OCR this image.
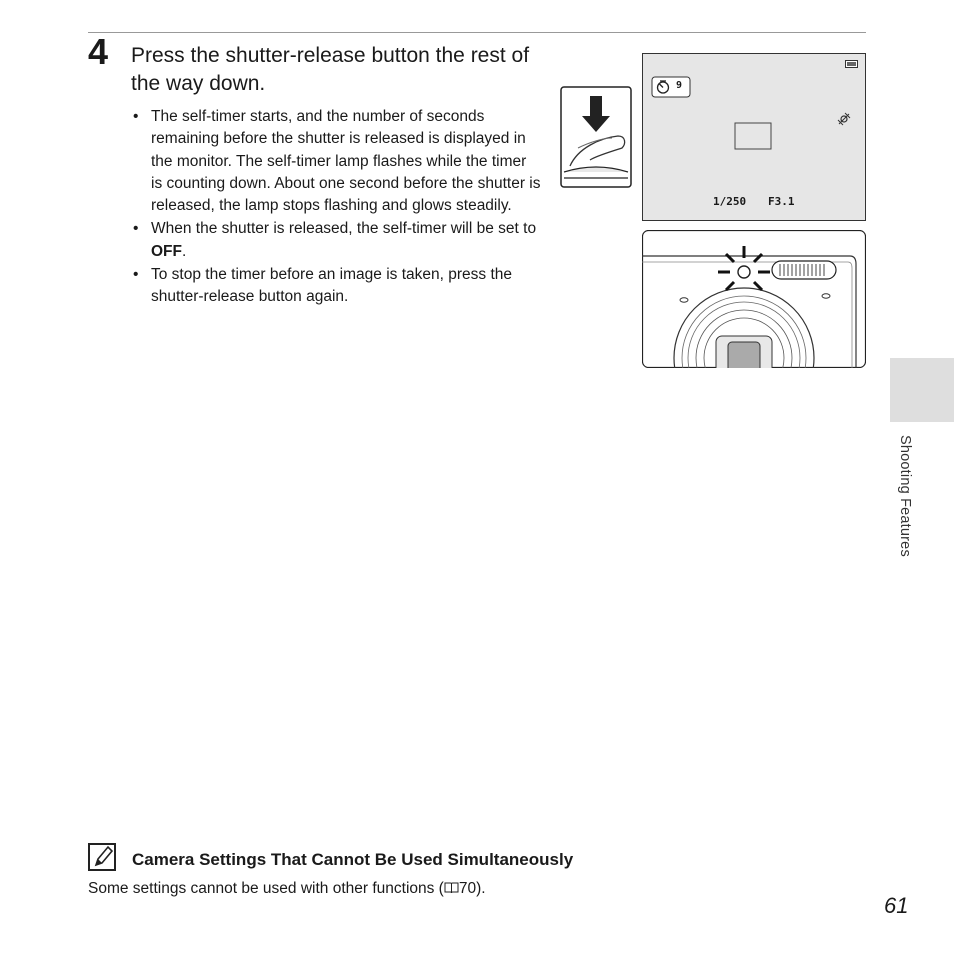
4 Press the shutter-release button the rest of the way down.
• The self-timer starts, and the number of seconds remaining before the shutter is released is displayed in the monitor. The self-timer lamp flashes while the timer is counting down. About one second before the shutter is released, the lamp stops flashing and glows steadily.
• When the shutter is released, the self-timer will be set to OFF.
• To stop the timer before an image is taken, press the shutter-release button again.
9
1/250 F3.1
Shooting Features
Camera Settings That Cannot Be Used Simultaneously

Some settings cannot be used with other functions ( 70).

61
